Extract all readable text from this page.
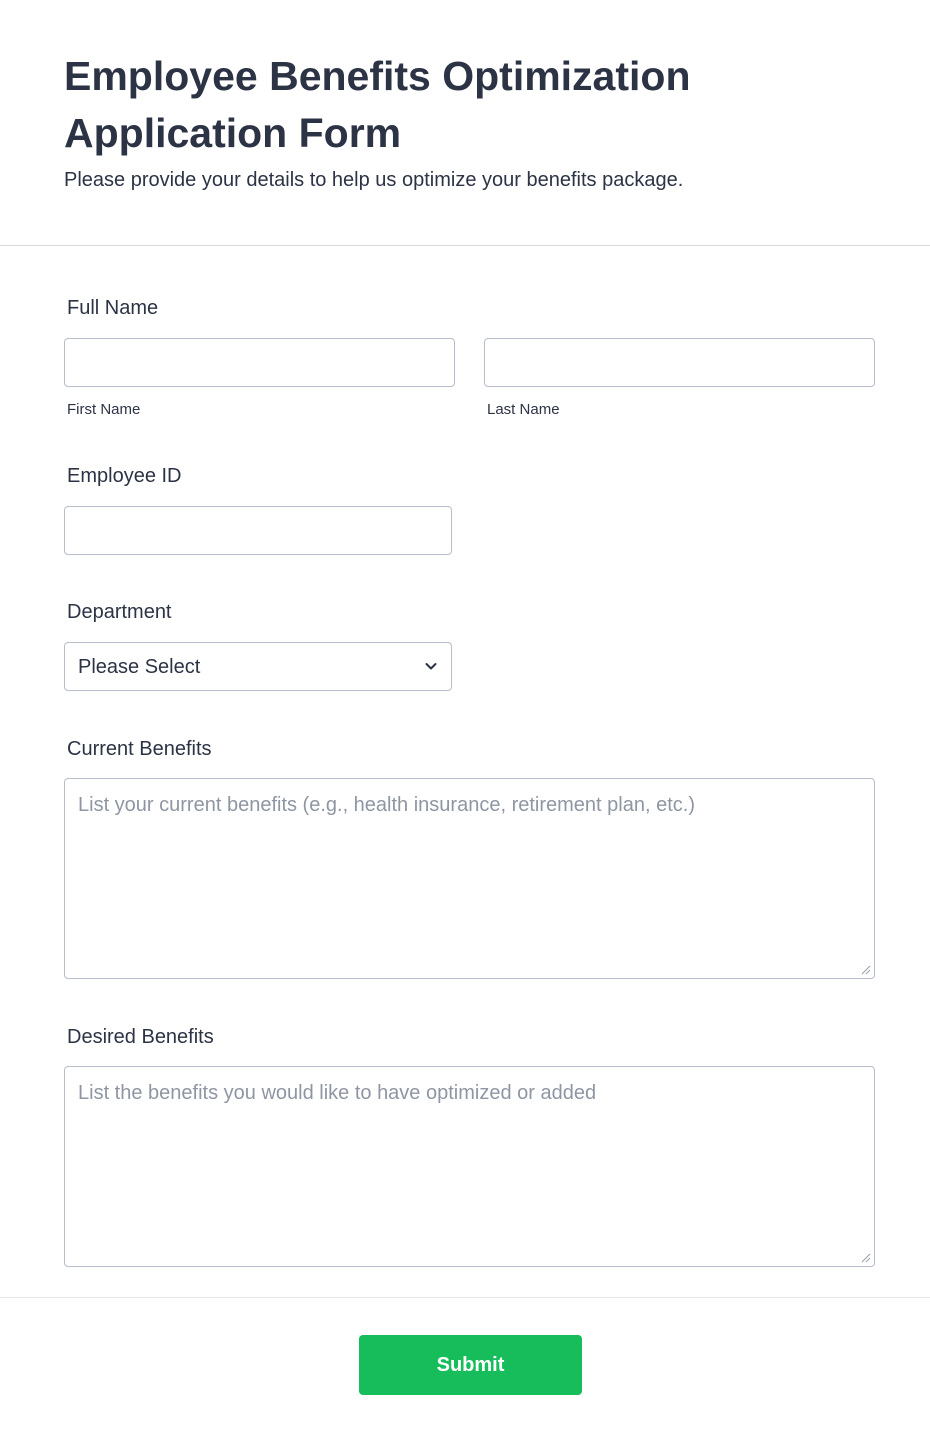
Employee Benefits Optimization Application Form

Please provide your details to help us optimize your benefits package.

Full Name
First Name	Last Name
Employee ID
Department
Please Select
Current Benefits
List your current benefits (e.g., health insurance, retirement plan, etc.)
Desired Benefits
List the benefits you would like to have optimized or added
Submit
